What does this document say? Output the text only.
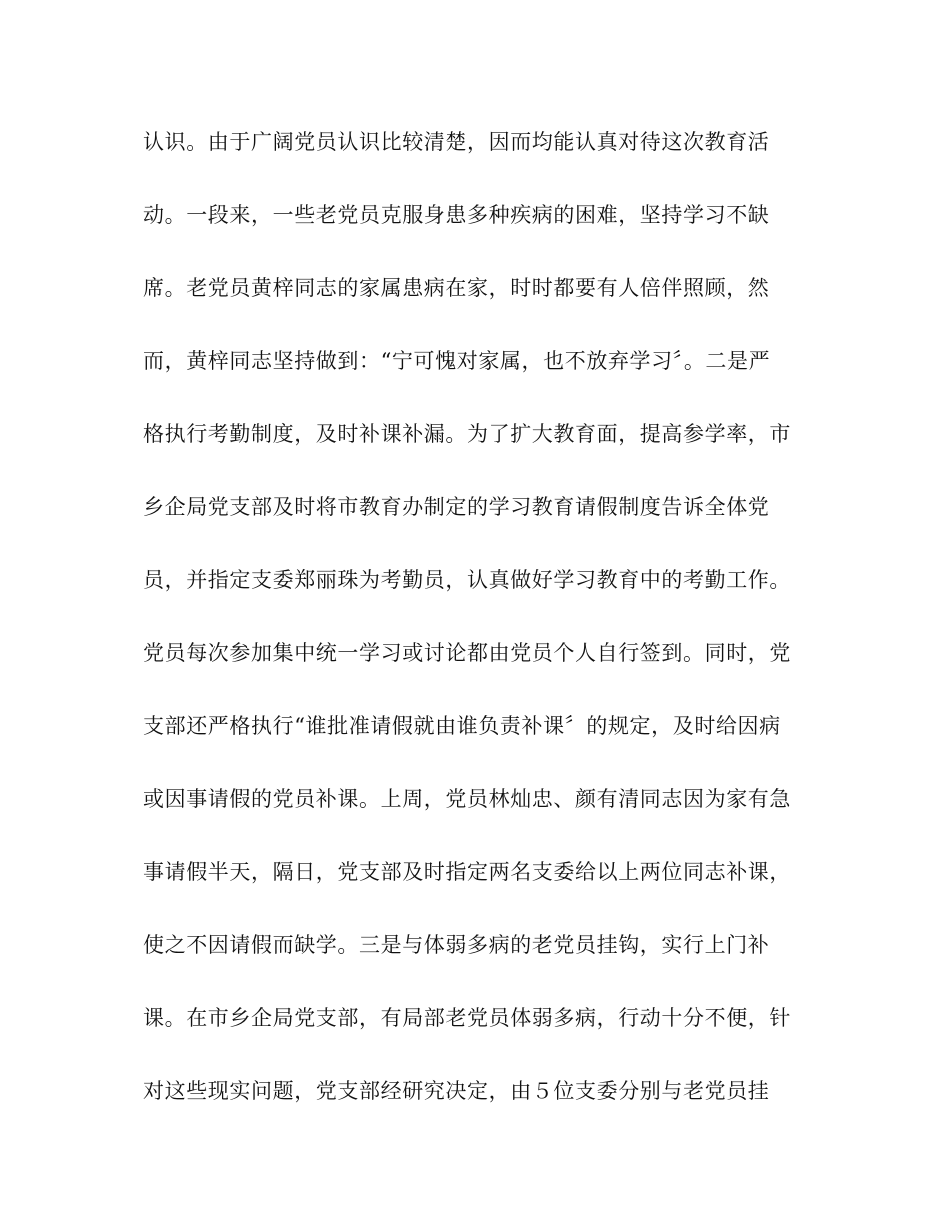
认识。由于广阔党员认识比较清楚，因而均能认真对待这次教育活
动。一段来，一些老党员克服身患多种疾病的困难，坚持学习不缺
席。老党员黄梓同志的家属患病在家，时时都要有人倍伴照顾，然
而，黄梓同志坚持做到：“宁可愧对家属，也不放弃学习〞。二是严
格执行考勤制度，及时补课补漏。为了扩大教育面，提高参学率，市
乡企局党支部及时将市教育办制定的学习教育请假制度告诉全体党
员，并指定支委郑丽珠为考勤员，认真做好学习教育中的考勤工作。
党员每次参加集中统一学习或讨论都由党员个人自行签到。同时，党
支部还严格执行“谁批准请假就由谁负责补课〞的规定，及时给因病
或因事请假的党员补课。上周，党员林灿忠、颜有清同志因为家有急
事请假半天，隔日，党支部及时指定两名支委给以上两位同志补课，
使之不因请假而缺学。三是与体弱多病的老党员挂钩，实行上门补
课。在市乡企局党支部，有局部老党员体弱多病，行动十分不便，针
对这些现实问题，党支部经研究决定，由５位支委分别与老党员挂
